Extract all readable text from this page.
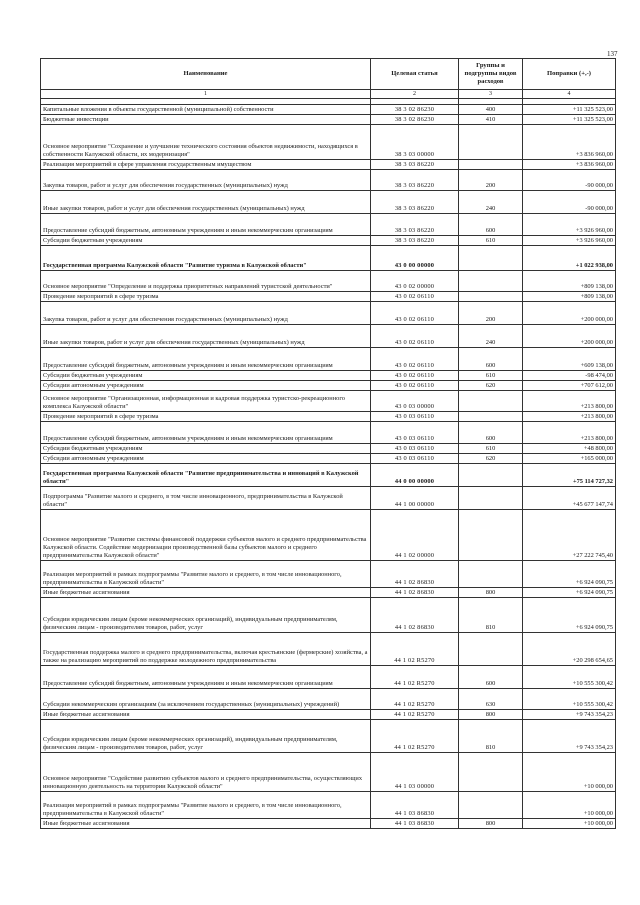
137
Наименование	Целевая статья	Группы и подгруппы видов расходов	Поправки (+,-)
1	2	3	4

Капитальные вложения в объекты государственной (муниципальной) собственности	38 3 02 86230	400	+11 325 523,00
Бюджетные инвестиции	38 3 02 86230	410	+11 325 523,00
Основное мероприятие "Сохранение и улучшение технического состояния объектов недвижимости, находящихся в собственности Калужской области, их модернизация"	38 3 03 00000		+3 836 960,00
Реализация мероприятий в сфере управления государственным имуществом	38 3 03 86220		+3 836 960,00
Закупка товаров, работ и услуг для обеспечения государственных (муниципальных) нужд	38 3 03 86220	200	-90 000,00
Иные закупки товаров, работ и услуг для обеспечения государственных (муниципальных) нужд	38 3 03 86220	240	-90 000,00
Предоставление субсидий бюджетным, автономным учреждениям и иным некоммерческим организациям	38 3 03 86220	600	+3 926 960,00
Субсидии бюджетным учреждениям	38 3 03 86220	610	+3 926 960,00
Государственная программа Калужской области "Развитие туризма в Калужской области"	43 0 00 00000		+1 022 938,00
Основное мероприятие "Определение и поддержка приоритетных направлений туристской деятельности"	43 0 02 00000		+809 138,00
Проведение мероприятий в сфере туризма	43 0 02 06110		+809 138,00
Закупка товаров, работ и услуг для обеспечения государственных (муниципальных) нужд	43 0 02 06110	200	+200 000,00
Иные закупки товаров, работ и услуг для обеспечения государственных (муниципальных) нужд	43 0 02 06110	240	+200 000,00
Предоставление субсидий бюджетным, автономным учреждениям и иным некоммерческим организациям	43 0 02 06110	600	+609 138,00
Субсидии бюджетным учреждениям	43 0 02 06110	610	-98 474,00
Субсидии автономным учреждениям	43 0 02 06110	620	+707 612,00
Основное мероприятие "Организационная, информационная и кадровая поддержка туристско-рекреационного комплекса Калужской области"	43 0 03 00000		+213 800,00
Проведение мероприятий в сфере туризма	43 0 03 06110		+213 800,00
Предоставление субсидий бюджетным, автономным учреждениям и иным некоммерческим организациям	43 0 03 06110	600	+213 800,00
Субсидии бюджетным учреждениям	43 0 03 06110	610	+48 800,00
Субсидии автономным учреждениям	43 0 03 06110	620	+165 000,00
Государственная программа Калужской области "Развитие предпринимательства и инноваций в Калужской области"	44 0 00 00000		+75 114 727,32
Подпрограмма "Развитие малого и среднего, в том числе инновационного, предпринимательства в Калужской области"	44 1 00 00000		+45 677 147,74
Основное мероприятие "Развитие системы финансовой поддержки субъектов малого и среднего предпринимательства Калужской области. Содействие модернизации производственной базы субъектов малого и среднего предпринимательства Калужской области"	44 1 02 00000		+27 222 745,40
Реализация мероприятий в рамках подпрограммы "Развитие малого и среднего, в том числе инновационного, предпринимательства в Калужской области"	44 1 02 86830		+6 924 090,75
Иные бюджетные ассигнования	44 1 02 86830	800	+6 924 090,75
Субсидии юридическим лицам (кроме некоммерческих организаций), индивидуальным предпринимателям, физическим лицам - производителям товаров, работ, услуг	44 1 02 86830	810	+6 924 090,75
Государственная поддержка малого и среднего предпринимательства, включая крестьянские (фермерские) хозяйства, а также на реализацию мероприятий по поддержке молодежного предпринимательства	44 1 02 R5270		+20 298 654,65
Предоставление субсидий бюджетным, автономным учреждениям и иным некоммерческим организациям	44 1 02 R5270	600	+10 555 300,42
Субсидии некоммерческим организациям (за исключением государственных (муниципальных) учреждений)	44 1 02 R5270	630	+10 555 300,42
Иные бюджетные ассигнования	44 1 02 R5270	800	+9 743 354,23
Субсидии юридическим лицам (кроме некоммерческих организаций), индивидуальным предпринимателям, физическим лицам - производителям товаров, работ, услуг	44 1 02 R5270	810	+9 743 354,23
Основное мероприятие "Содействие развитию субъектов малого и среднего предпринимательства, осуществляющих инновационную деятельность на территории Калужской области"	44 1 03 00000		+10 000,00
Реализация мероприятий в рамках подпрограммы "Развитие малого и среднего, в том числе инновационного, предпринимательства в Калужской области"	44 1 03 86830		+10 000,00
Иные бюджетные ассигнования	44 1 03 86830	800	+10 000,00
